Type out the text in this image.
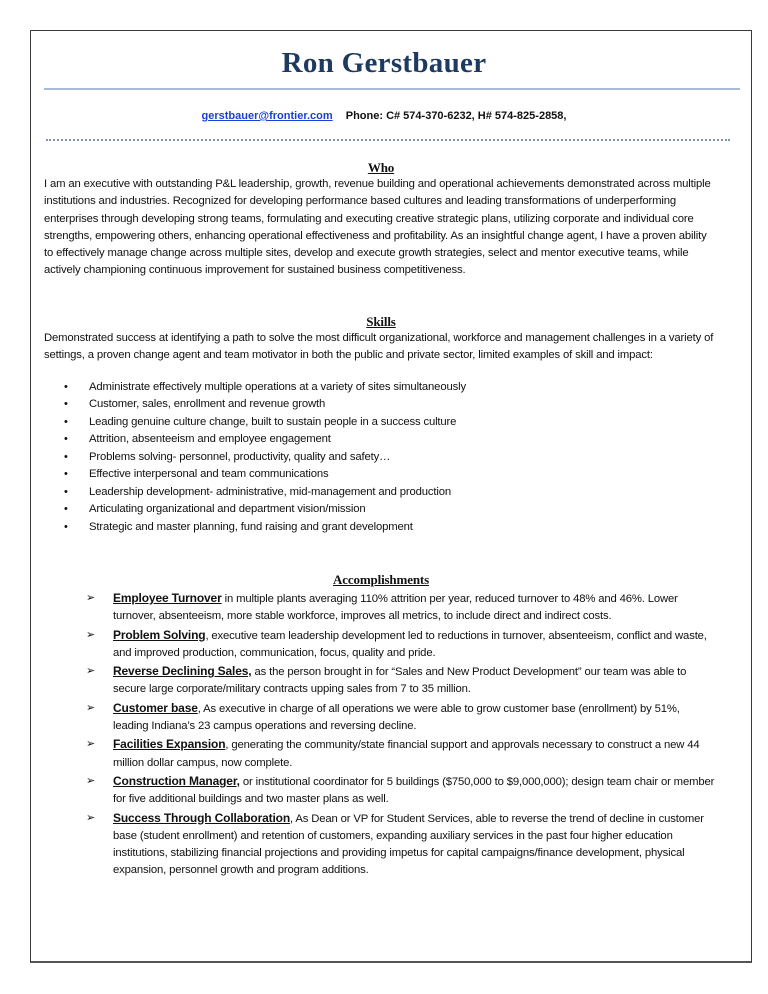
Ron Gerstbauer
gerstbauer@frontier.com Phone: C# 574-370-6232, H# 574-825-2858,
Who

I am an executive with outstanding P&L leadership, growth, revenue building and operational achievements demonstrated across multiple institutions and industries. Recognized for developing performance based cultures and leading transformations of underperforming enterprises through developing strong teams, formulating and executing creative strategic plans, utilizing corporate and individual core strengths, empowering others, enhancing operational effectiveness and profitability. As an insightful change agent, I have a proven ability to effectively manage change across multiple sites, develop and execute growth strategies, select and mentor executive teams, while actively championing continuous improvement for sustained business competitiveness.

Skills

Demonstrated success at identifying a path to solve the most difficult organizational, workforce and management challenges in a variety of settings, a proven change agent and team motivator in both the public and private sector, limited examples of skill and impact:

• Administrate effectively multiple operations at a variety of sites simultaneously
• Customer, sales, enrollment and revenue growth
• Leading genuine culture change, built to sustain people in a success culture
• Attrition, absenteeism and employee engagement
• Problems solving- personnel, productivity, quality and safety…
• Effective interpersonal and team communications
• Leadership development- administrative, mid-management and production
• Articulating organizational and department vision/mission
• Strategic and master planning, fund raising and grant development
Accomplishments
➢ Employee Turnover in multiple plants averaging 110% attrition per year, reduced turnover to 48% and 46%. Lower turnover, absenteeism, more stable workforce, improves all metrics, to include direct and indirect costs.
➢ Problem Solving, executive team leadership development led to reductions in turnover, absenteeism, conflict and waste, and improved production, communication, focus, quality and pride.
➢ Reverse Declining Sales, as the person brought in for “Sales and New Product Development” our team was able to secure large corporate/military contracts upping sales from 7 to 35 million.
➢ Customer base, As executive in charge of all operations we were able to grow customer base (enrollment) by 51%, leading Indiana’s 23 campus operations and reversing decline.
➢ Facilities Expansion, generating the community/state financial support and approvals necessary to construct a new 44 million dollar campus, now complete.
➢ Construction Manager, or institutional coordinator for 5 buildings ($750,000 to $9,000,000); design team chair or member for five additional buildings and two master plans as well.
➢ Success Through Collaboration, As Dean or VP for Student Services, able to reverse the trend of decline in customer base (student enrollment) and retention of customers, expanding auxiliary services in the past four higher education institutions, stabilizing financial projections and providing impetus for capital campaigns/finance development, physical expansion, personnel growth and program additions.
